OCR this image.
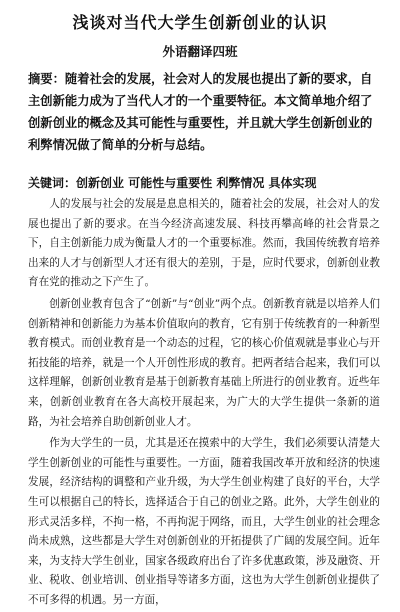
浅谈对当代大学生创新创业的认识
外语翻译四班
摘要：随着社会的发展，社会对人的发展也提出了新的要求，自主创新能力成为了当代人才的一个重要特征。本文简单地介绍了创新创业的概念及其可能性与重要性，并且就大学生创新创业的利弊情况做了简单的分析与总结。
关键词：创新创业 可能性与重要性 利弊情况 具体实现

人的发展与社会的发展是息息相关的，随着社会的发展，社会对人的发展也提出了新的要求。在当今经济高速发展、科技再攀高峰的社会背景之下，自主创新能力成为衡量人才的一个重要标准。然而，我国传统教育培养出来的人才与创新型人才还有很大的差别，于是，应时代要求，创新创业教育在党的推动之下产生了。

创新创业教育包含了“创新”与“创业”两个点。创新教育就是以培养人们创新精神和创新能力为基本价值取向的教育，它有别于传统教育的一种新型教育模式。而创业教育是一个动态的过程，它的核心价值观就是事业心与开拓技能的培养，就是一个人开创性形成的教育。把两者结合起来，我们可以这样理解，创新创业教育是基于创新教育基础上所进行的创业教育。近些年来，创新创业教育在各大高校开展起来，为广大的大学生提供一条新的道路，为社会培养自助创新创业人才。

作为大学生的一员，尤其是还在摸索中的大学生，我们必须要认清楚大学生创新创业的可能性与重要性。一方面，随着我国改革开放和经济的快速发展，经济结构的调整和产业升级，为大学生创业构建了良好的平台，大学生可以根据自己的特长，选择适合于自己的创业之路。此外，大学生创业的形式灵活多样，不拘一格，不再拘泥于网络，而且，大学生创业的社会理念尚未成熟，这些都是大学生对创新创业的开拓提供了广阔的发展空间。近年来，为支持大学生创业，国家各级政府出台了许多优惠政策，涉及融资、开业、税收、创业培训、创业指导等诸多方面，这也为大学生创新创业提供了不可多得的机遇。另一方面，
